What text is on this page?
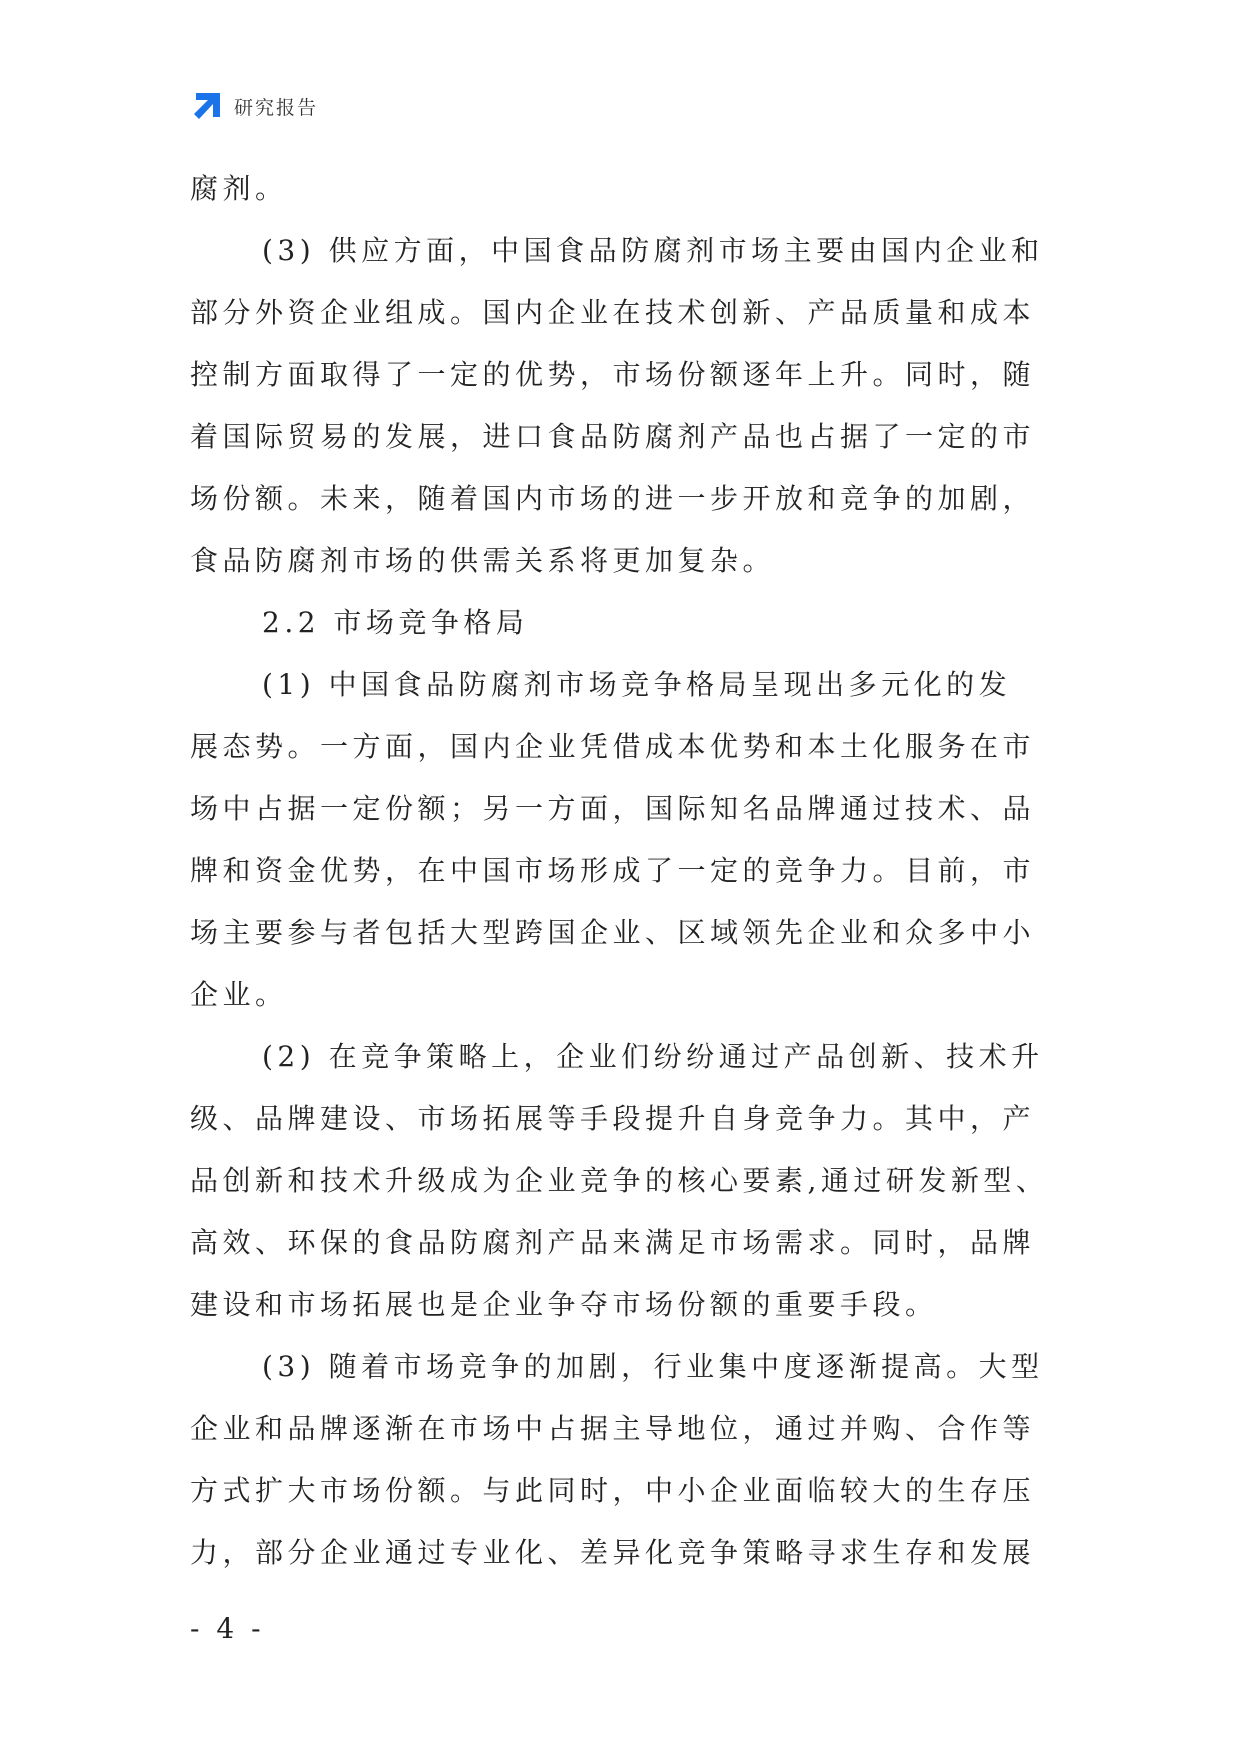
研究报告
腐剂。
(3) 供应方面，中国食品防腐剂市场主要由国内企业和
部分外资企业组成。国内企业在技术创新、产品质量和成本
控制方面取得了一定的优势，市场份额逐年上升。同时，随
着国际贸易的发展，进口食品防腐剂产品也占据了一定的市
场份额。未来，随着国内市场的进一步开放和竞争的加剧，
食品防腐剂市场的供需关系将更加复杂。
2.2 市场竞争格局
(1) 中国食品防腐剂市场竞争格局呈现出多元化的发
展态势。一方面，国内企业凭借成本优势和本土化服务在市
场中占据一定份额；另一方面，国际知名品牌通过技术、品
牌和资金优势，在中国市场形成了一定的竞争力。目前，市
场主要参与者包括大型跨国企业、区域领先企业和众多中小
企业。
(2) 在竞争策略上，企业们纷纷通过产品创新、技术升
级、品牌建设、市场拓展等手段提升自身竞争力。其中，产
品创新和技术升级成为企业竞争的核心要素,通过研发新型、
高效、环保的食品防腐剂产品来满足市场需求。同时，品牌
建设和市场拓展也是企业争夺市场份额的重要手段。
(3) 随着市场竞争的加剧，行业集中度逐渐提高。大型
企业和品牌逐渐在市场中占据主导地位，通过并购、合作等
方式扩大市场份额。与此同时，中小企业面临较大的生存压
力，部分企业通过专业化、差异化竞争策略寻求生存和发展
- 4 -
